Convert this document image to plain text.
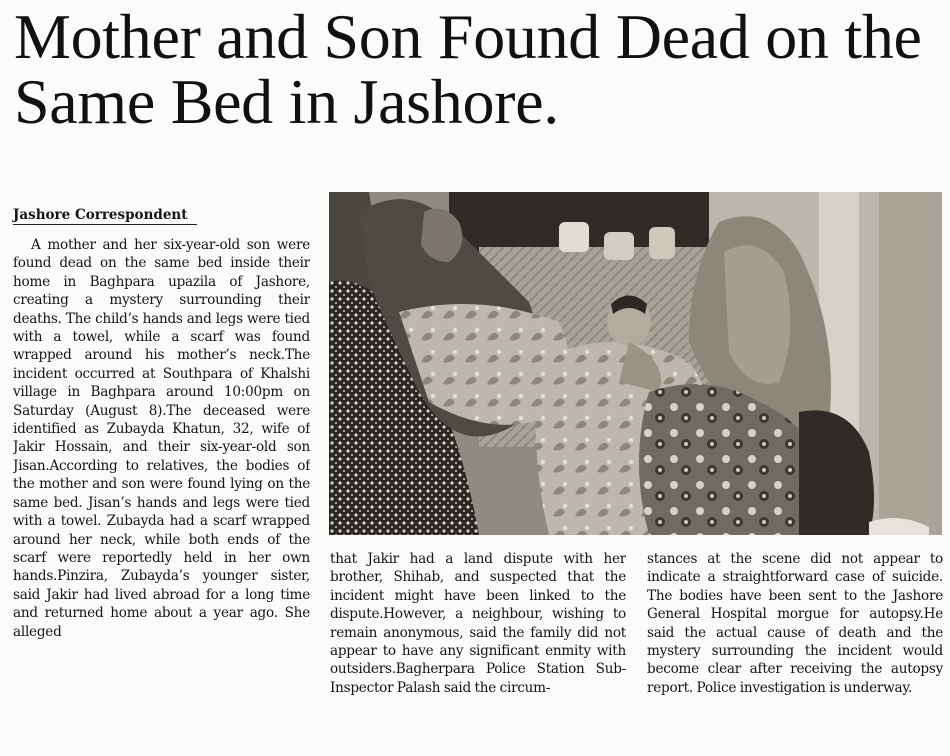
Mother and Son Found Dead on the Same Bed in Jashore.

Jashore Correspondent

A mother and her six-year-old son were found dead on the same bed inside their home in Baghpara upazila of Jashore, creating a mystery surrounding their deaths. The child’s hands and legs were tied with a towel, while a scarf was found wrapped around his mother’s neck.The incident occurred at Southpara of Khalshi village in Baghpara around 10:00pm on Saturday (August 8).The deceased were identified as Zubayda Khatun, 32, wife of Jakir Hossain, and their six-year-old son Jisan.According to relatives, the bodies of the mother and son were found lying on the same bed. Jisan’s hands and legs were tied with a towel. Zubayda had a scarf wrapped around her neck, while both ends of the scarf were reportedly held in her own hands.Pinzira, Zubayda’s younger sister, said Jakir had lived abroad for a long time and returned home about a year ago. She alleged

that Jakir had a land dispute with her brother, Shihab, and suspected that the incident might have been linked to the dispute.However, a neighbour, wishing to remain anonymous, said the family did not appear to have any significant enmity with outsiders.Bagherpara Police Station Sub-Inspector Palash said the circum-

stances at the scene did not appear to indicate a straightforward case of suicide. The bodies have been sent to the Jashore General Hospital morgue for autopsy.He said the actual cause of death and the mystery surrounding the incident would become clear after receiving the autopsy report. Police investigation is underway.
